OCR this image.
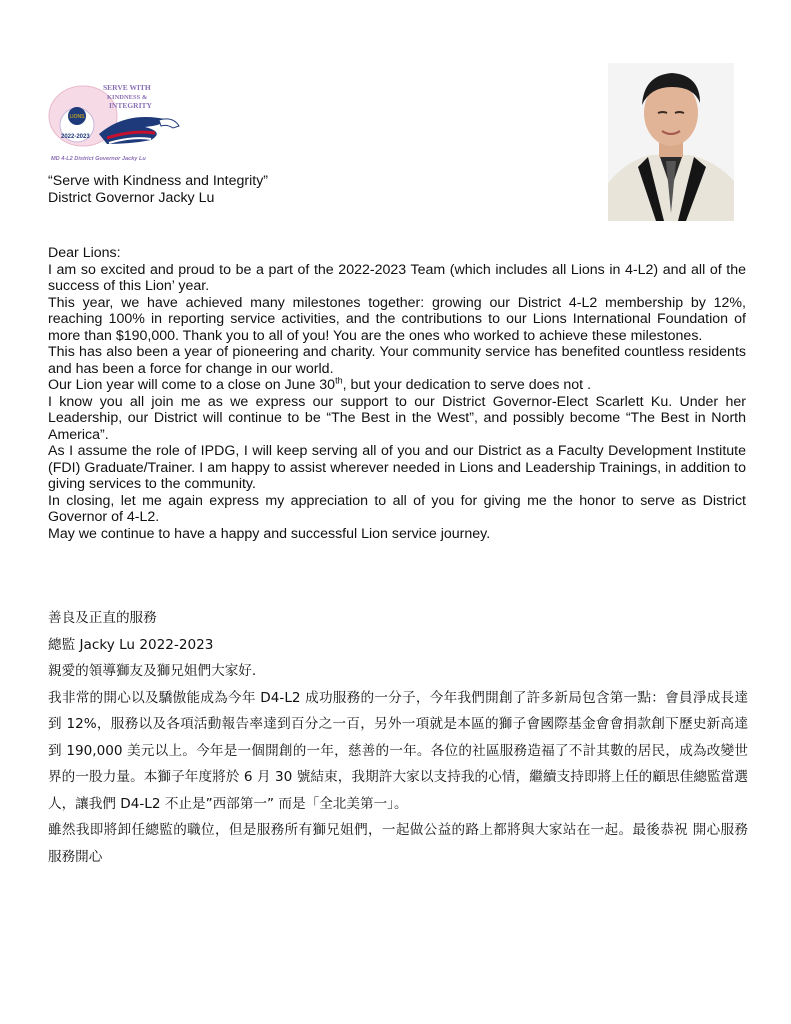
LIONS
SERVE WITH
KINDNESS &
INTEGRITY
2022-2023
MD 4-L2 District Governor Jacky Lu
“Serve with Kindness and Integrity”
District Governor Jacky Lu

Dear Lions:

I am so excited and proud to be a part of the 2022-2023 Team (which includes all Lions in 4-L2) and all of the success of this Lion’ year.

This year, we have achieved many milestones together: growing our District 4-L2 membership by 12%, reaching 100% in reporting service activities, and the contributions to our Lions International Foundation of more than $190,000. Thank you to all of you! You are the ones who worked to achieve these milestones.

This has also been a year of pioneering and charity. Your community service has benefited countless residents and has been a force for change in our world.

Our Lion year will come to a close on June 30th, but your dedication to serve does not .

I know you all join me as we express our support to our District Governor-Elect Scarlett Ku. Under her Leadership, our District will continue to be “The Best in the West”, and possibly become “The Best in North America”.

As I assume the role of IPDG, I will keep serving all of you and our District as a Faculty Development Institute (FDI) Graduate/Trainer. I am happy to assist wherever needed in Lions and Leadership Trainings, in addition to giving services to the community.

In closing, let me again express my appreciation to all of you for giving me the honor to serve as District Governor of 4-L2.

May we continue to have a happy and successful Lion service journey.

善良及正直的服務

總監 Jacky Lu 2022-2023

親愛的領導獅友及獅兄姐們大家好.

我非常的開心以及驕傲能成為今年 D4-L2 成功服務的一分子，今年我們開創了許多新局包含第一點：會員淨成長達到 12%，服務以及各項活動報告率達到百分之一百，另外一項就是本區的獅子會國際基金會會捐款創下歷史新高達到 190,000 美元以上。今年是一個開創的一年，慈善的一年。各位的社區服務造福了不計其數的居民，成為改變世界的一股力量。本獅子年度將於 6 月 30 號結束，我期許大家以支持我的心情，繼續支持即將上任的顧思佳總監當選人，讓我們 D4-L2 不止是”西部第一” 而是「全北美第一」。

雖然我即將卸任總監的職位，但是服務所有獅兄姐們，一起做公益的路上都將與大家站在一起。最後恭祝 開心服務 服務開心
